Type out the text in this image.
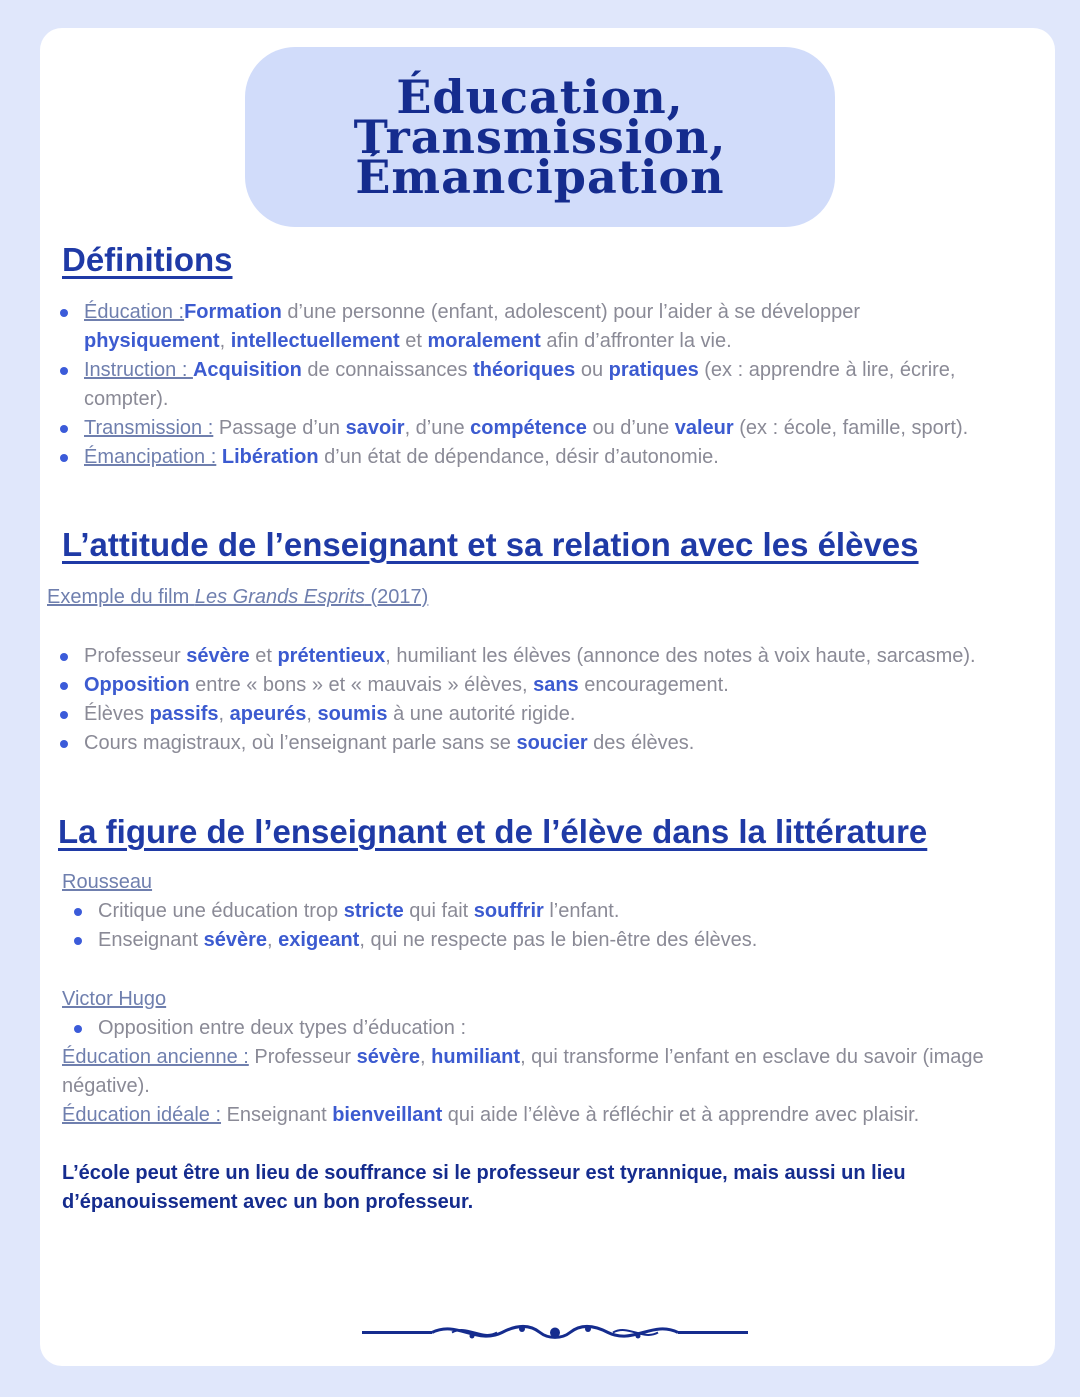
Éducation,
Transmission,
Émancipation
Définitions
Éducation :Formation d’une personne (enfant, adolescent) pour l’aider à se développer physiquement, intellectuellement et moralement afin d’affronter la vie.
Instruction : Acquisition de connaissances théoriques ou pratiques (ex : apprendre à lire, écrire, compter).
Transmission : Passage d’un savoir, d’une compétence ou d’une valeur (ex : école, famille, sport).
Émancipation : Libération d’un état de dépendance, désir d’autonomie.
L’attitude de l’enseignant et sa relation avec les élèves
Exemple du film Les Grands Esprits (2017)
Professeur sévère et prétentieux, humiliant les élèves (annonce des notes à voix haute, sarcasme).
Opposition entre « bons » et « mauvais » élèves, sans encouragement.
Élèves passifs, apeurés, soumis à une autorité rigide.
Cours magistraux, où l’enseignant parle sans se soucier des élèves.
La figure de l’enseignant et de l’élève dans la littérature
Rousseau
Critique une éducation trop stricte qui fait souffrir l’enfant.
Enseignant sévère, exigeant, qui ne respecte pas le bien-être des élèves.
Victor Hugo
Opposition entre deux types d’éducation :
Éducation ancienne : Professeur sévère, humiliant, qui transforme l’enfant en esclave du savoir (image négative).
Éducation idéale : Enseignant bienveillant qui aide l’élève à réfléchir et à apprendre avec plaisir.
L’école peut être un lieu de souffrance si le professeur est tyrannique, mais aussi un lieu d’épanouissement avec un bon professeur.
